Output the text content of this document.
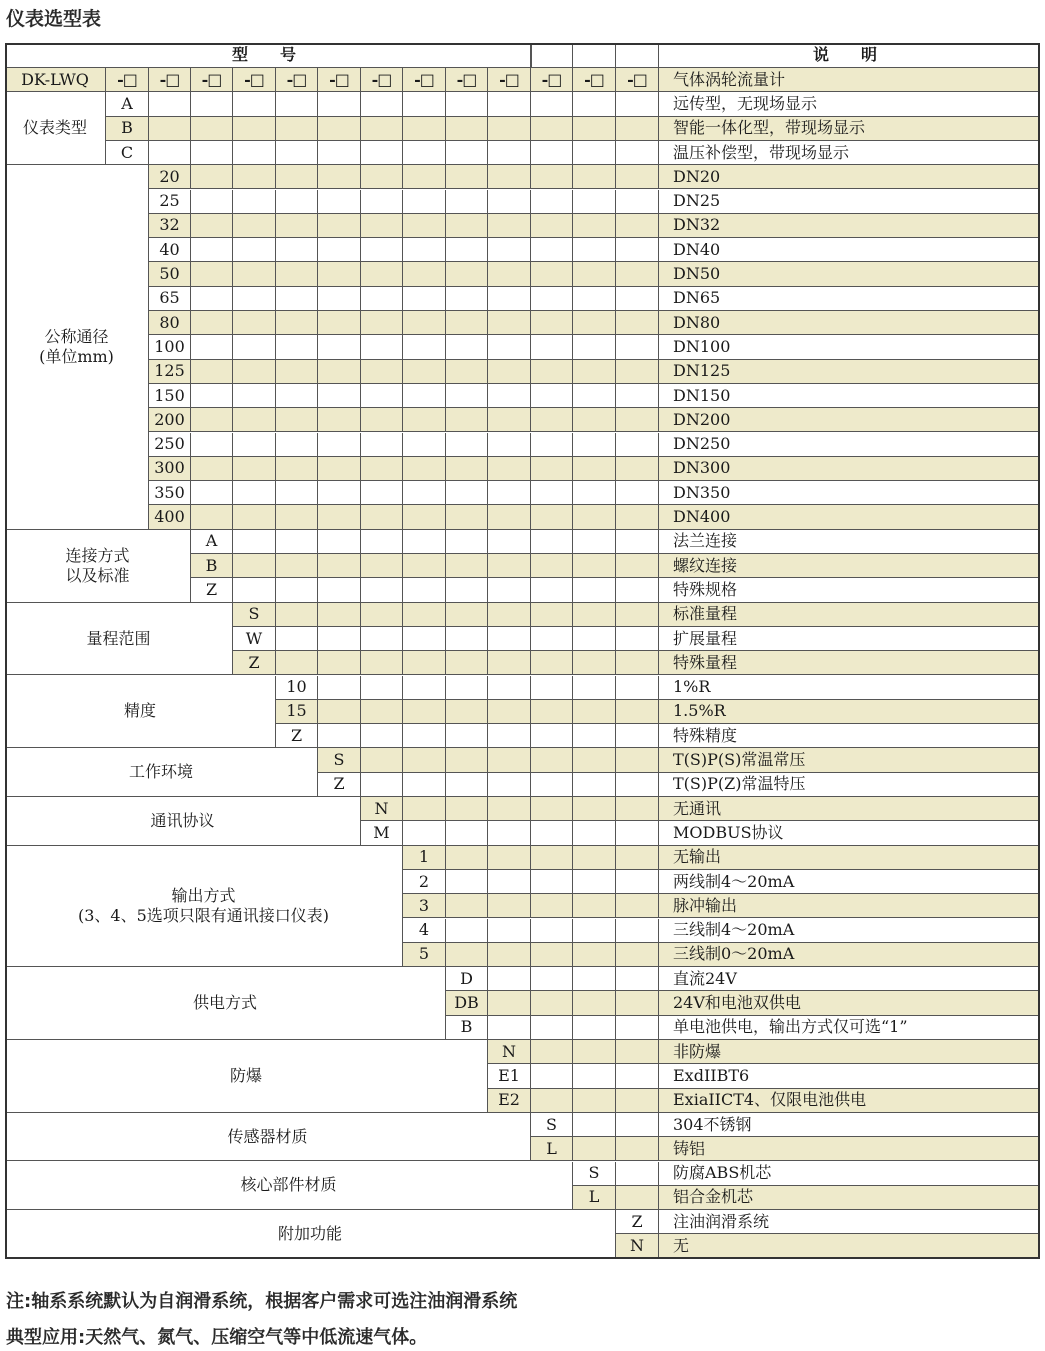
仪表选型表
型　号	说　明
DK-LWQ	-□	-□	-□	-□	-□	-□	-□	-□	-□	-□	-□	-□	-□	气体涡轮流量计
仪表类型
A	远传型，无现场显示
B	智能一体化型，带现场显示
C	温压补偿型，带现场显示
公称通径
(单位mm)
20	DN20
25	DN25
32	DN32
40	DN40
50	DN50
65	DN65
80	DN80
100	DN100
125	DN125
150	DN150
200	DN200
250	DN250
300	DN300
350	DN350
400	DN400
连接方式
以及标准
A	法兰连接
B	螺纹连接
Z	特殊规格
量程范围
S	标准量程
W	扩展量程
Z	特殊量程
精度
10	1%R
15	1.5%R
Z	特殊精度
工作环境
S	T(S)P(S)常温常压
Z	T(S)P(Z)常温特压
通讯协议
N	无通讯
M	MODBUS协议
输出方式
(3、4、5选项只限有通讯接口仪表)
1	无输出
2	两线制4～20mA
3	脉冲输出
4	三线制4～20mA
5	三线制0～20mA
供电方式
D	直流24V
DB	24V和电池双供电
B	单电池供电，输出方式仅可选“1”
防爆
N	非防爆
E1	ExdIIBT6
E2	ExiaIICT4、仅限电池供电
传感器材质
S	304不锈钢
L	铸铝
核心部件材质
S	防腐ABS机芯
L	铝合金机芯
附加功能
Z	注油润滑系统
N	无
注:轴系系统默认为自润滑系统，根据客户需求可选注油润滑系统
典型应用:天然气、氮气、压缩空气等中低流速气体。
